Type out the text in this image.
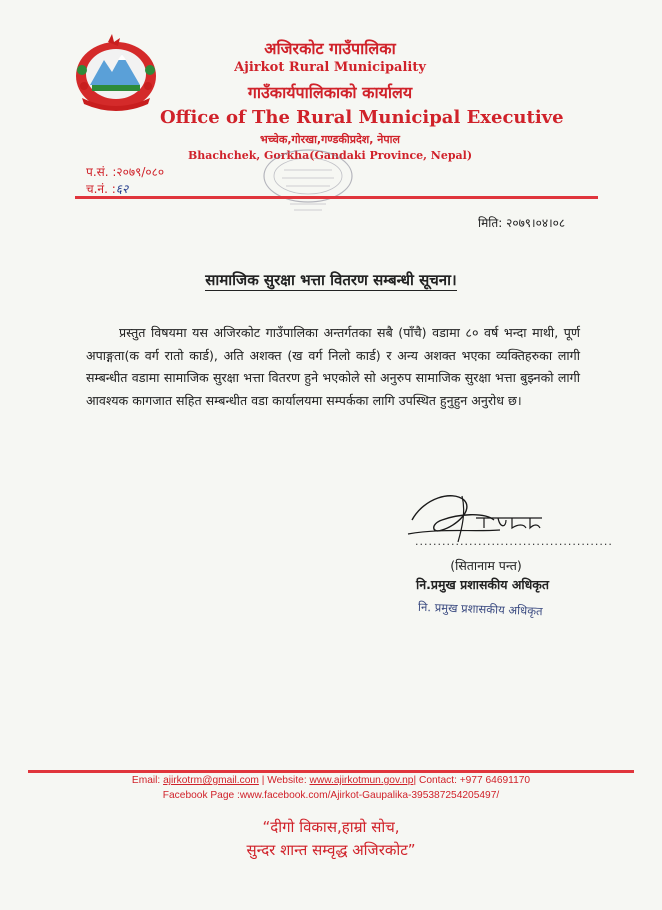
अजिरकोट गाउँपालिका
Ajirkot Rural Municipality
गाउँकार्यपालिकाको कार्यालय
Office of The Rural Municipal Executive
भच्चेक,गोरखा,गण्डकीप्रदेश, नेपाल
Bhachchek, Gorkha(Gandaki Province, Nepal)
प.सं. :२०७९/०८०
च.नं. :६२
मिति: २०७९।०४।०८
सामाजिक सुरक्षा भत्ता वितरण सम्बन्धी सूचना।
प्रस्तुत विषयमा यस अजिरकोट गाउँपालिका अन्तर्गतका सबै (पाँचै) वडामा ८० वर्ष भन्दा माथी, पूर्ण अपाङ्गता(क वर्ग रातो कार्ड), अति अशक्त (ख वर्ग निलो कार्ड) र अन्य अशक्त भएका व्यक्तिहरुका लागी सम्बन्धीत वडामा सामाजिक सुरक्षा भत्ता वितरण हुने भएकोले सो अनुरुप सामाजिक सुरक्षा भत्ता बुझ्नको लागी आवश्यक कागजात सहित सम्बन्धीत वडा कार्यालयमा सम्पर्कका लागि उपस्थित हुनुहुन अनुरोध छ।
............................................
(सितानाम पन्त)
नि.प्रमुख प्रशासकीय अधिकृत
नि. प्रमुख प्रशासकीय अधिकृत
Email: ajirkotrm@gmail.com | Website: www.ajirkotmun.gov.np| Contact: +977 64691170
Facebook Page :www.facebook.com/Ajirkot-Gaupalika-395387254205497/
“दीगो विकास,हाम्रो सोच,
सुन्दर शान्त सम्वृद्ध अजिरकोट”
